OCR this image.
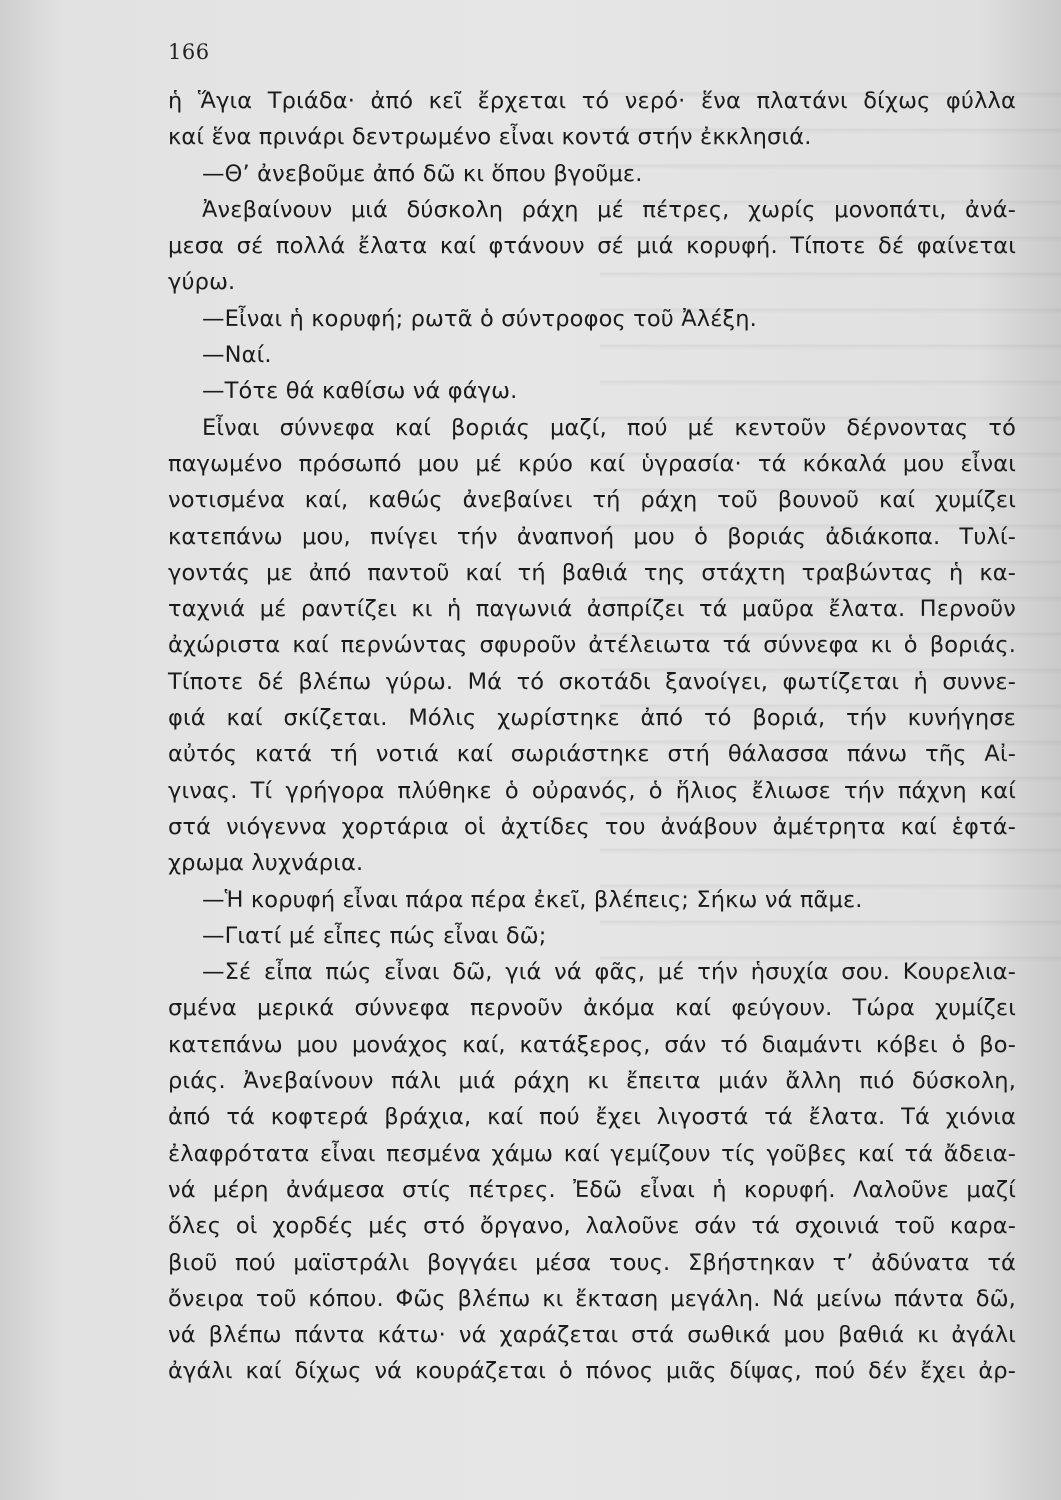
166
ἡ Ἅγια Τριάδα· ἀπό κεῖ ἔρχεται τό νερό· ἕνα πλατάνι δίχως φύλλα
καί ἕνα πρινάρι δεντρωμένο εἶναι κοντά στήν ἐκκλησιά.
—Θ’ ἀνεβοῦμε ἀπό δῶ κι ὅπου βγοῦμε.
Ἀνεβαίνουν μιά δύσκολη ράχη μέ πέτρες, χωρίς μονοπάτι, ἀνά-
μεσα σέ πολλά ἔλατα καί φτάνουν σέ μιά κορυφή. Τίποτε δέ φαίνεται
γύρω.
—Εἶναι ἡ κορυφή; ρωτᾶ ὁ σύντροφος τοῦ Ἀλέξη.
—Ναί.
—Τότε θά καθίσω νά φάγω.
Εἶναι σύννεφα καί βοριάς μαζί, πού μέ κεντοῦν δέρνοντας τό
παγωμένο πρόσωπό μου μέ κρύο καί ὑγρασία· τά κόκαλά μου εἶναι
νοτισμένα καί, καθώς ἀνεβαίνει τή ράχη τοῦ βουνοῦ καί χυμίζει
κατεπάνω μου, πνίγει τήν ἀναπνοή μου ὁ βοριάς ἀδιάκοπα. Τυλί-
γοντάς με ἀπό παντοῦ καί τή βαθιά της στάχτη τραβώντας ἡ κα-
ταχνιά μέ ραντίζει κι ἡ παγωνιά ἀσπρίζει τά μαῦρα ἔλατα. Περνοῦν
ἀχώριστα καί περνώντας σφυροῦν ἀτέλειωτα τά σύννεφα κι ὁ βοριάς.
Τίποτε δέ βλέπω γύρω. Μά τό σκοτάδι ξανοίγει, φωτίζεται ἡ συννε-
φιά καί σκίζεται. Μόλις χωρίστηκε ἀπό τό βοριά, τήν κυνήγησε
αὐτός κατά τή νοτιά καί σωριάστηκε στή θάλασσα πάνω τῆς Αἰ-
γινας. Τί γρήγορα πλύθηκε ὁ οὐρανός, ὁ ἥλιος ἔλιωσε τήν πάχνη καί
στά νιόγεννα χορτάρια οἱ ἀχτίδες του ἀνάβουν ἀμέτρητα καί ἑφτά-
χρωμα λυχνάρια.
—Ἡ κορυφή εἶναι πάρα πέρα ἐκεῖ, βλέπεις; Σήκω νά πᾶμε.
—Γιατί μέ εἶπες πώς εἶναι δῶ;
—Σέ εἶπα πώς εἶναι δῶ, γιά νά φᾶς, μέ τήν ἡσυχία σου. Κουρελια-
σμένα μερικά σύννεφα περνοῦν ἀκόμα καί φεύγουν. Τώρα χυμίζει
κατεπάνω μου μονάχος καί, κατάξερος, σάν τό διαμάντι κόβει ὁ βο-
ριάς. Ἀνεβαίνουν πάλι μιά ράχη κι ἔπειτα μιάν ἄλλη πιό δύσκολη,
ἀπό τά κοφτερά βράχια, καί πού ἔχει λιγοστά τά ἔλατα. Τά χιόνια
ἐλαφρότατα εἶναι πεσμένα χάμω καί γεμίζουν τίς γοῦβες καί τά ἄδεια-
νά μέρη ἀνάμεσα στίς πέτρες. Ἐδῶ εἶναι ἡ κορυφή. Λαλοῦνε μαζί
ὅλες οἱ χορδές μές στό ὄργανο, λαλοῦνε σάν τά σχοινιά τοῦ καρα-
βιοῦ πού μαϊστράλι βογγάει μέσα τους. Σβήστηκαν τ’ ἀδύνατα τά
ὄνειρα τοῦ κόπου. Φῶς βλέπω κι ἔκταση μεγάλη. Νά μείνω πάντα δῶ,
νά βλέπω πάντα κάτω· νά χαράζεται στά σωθικά μου βαθιά κι ἀγάλι
ἀγάλι καί δίχως νά κουράζεται ὁ πόνος μιᾶς δίψας, πού δέν ἔχει ἀρ-
